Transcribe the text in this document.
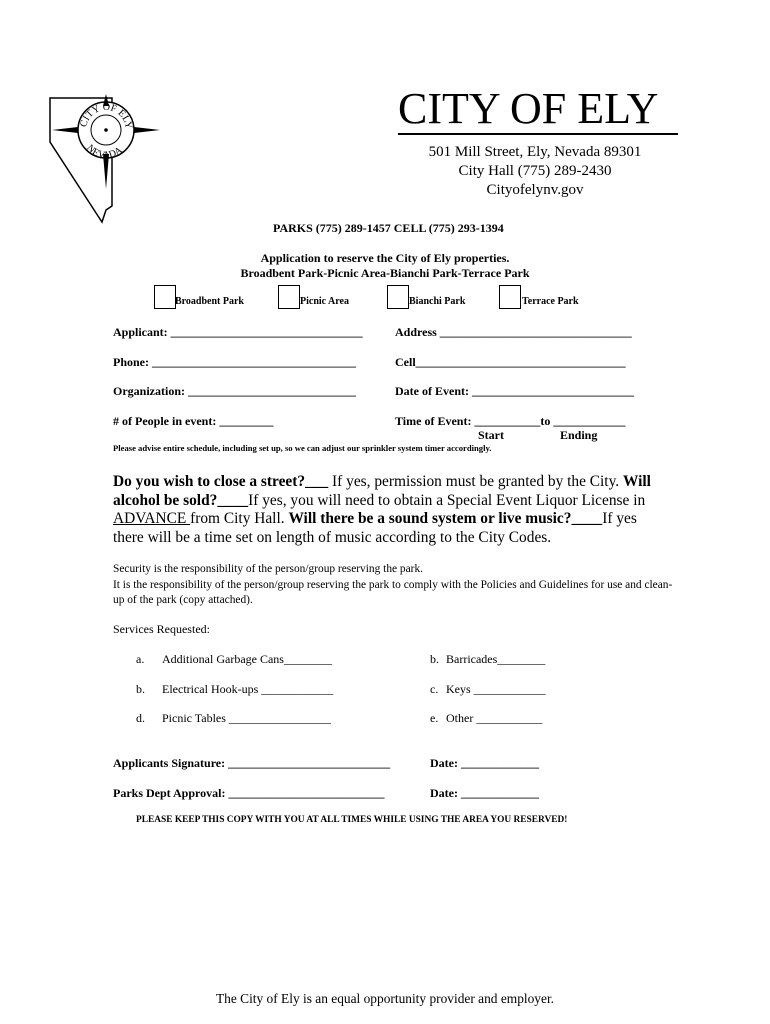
CITY OF ELY
NEVADA
CITY OF ELY
501 Mill Street, Ely, Nevada 89301
City Hall (775) 289-2430
Cityofelynv.gov
PARKS (775) 289-1457 CELL (775) 293-1394
Application to reserve the City of Ely properties.
Broadbent Park-Picnic Area-Bianchi Park-Terrace Park
Broadbent Park	Picnic Area	Bianchi Park	Terrace Park
Applicant: ________________________________	Address ________________________________
Phone: __________________________________	Cell___________________________________
Organization: ____________________________	Date of Event: ___________________________
# of People in event: _________	Time of Event: ___________to ____________
Start	Ending
Please advise entire schedule, including set up, so we can adjust our sprinkler system timer accordingly.
Do you wish to close a street?___ If yes, permission must be granted by the City. Will alcohol be sold?____If yes, you will need to obtain a Special Event Liquor License in ADVANCE from City Hall. Will there be a sound system or live music?____If yes there will be a time set on length of music according to the City Codes.
Security is the responsibility of the person/group reserving the park.
It is the responsibility of the person/group reserving the park to comply with the Policies and Guidelines for use and clean-up of the park (copy attached).
Services Requested:
a. Additional Garbage Cans________	b. Barricades________
b. Electrical Hook-ups ____________	c. Keys ____________
d. Picnic Tables _________________	e. Other ___________
Applicants Signature: ___________________________	Date: _____________
Parks Dept Approval: __________________________	Date: _____________
PLEASE KEEP THIS COPY WITH YOU AT ALL TIMES WHILE USING THE AREA YOU RESERVED!
The City of Ely is an equal opportunity provider and employer.
